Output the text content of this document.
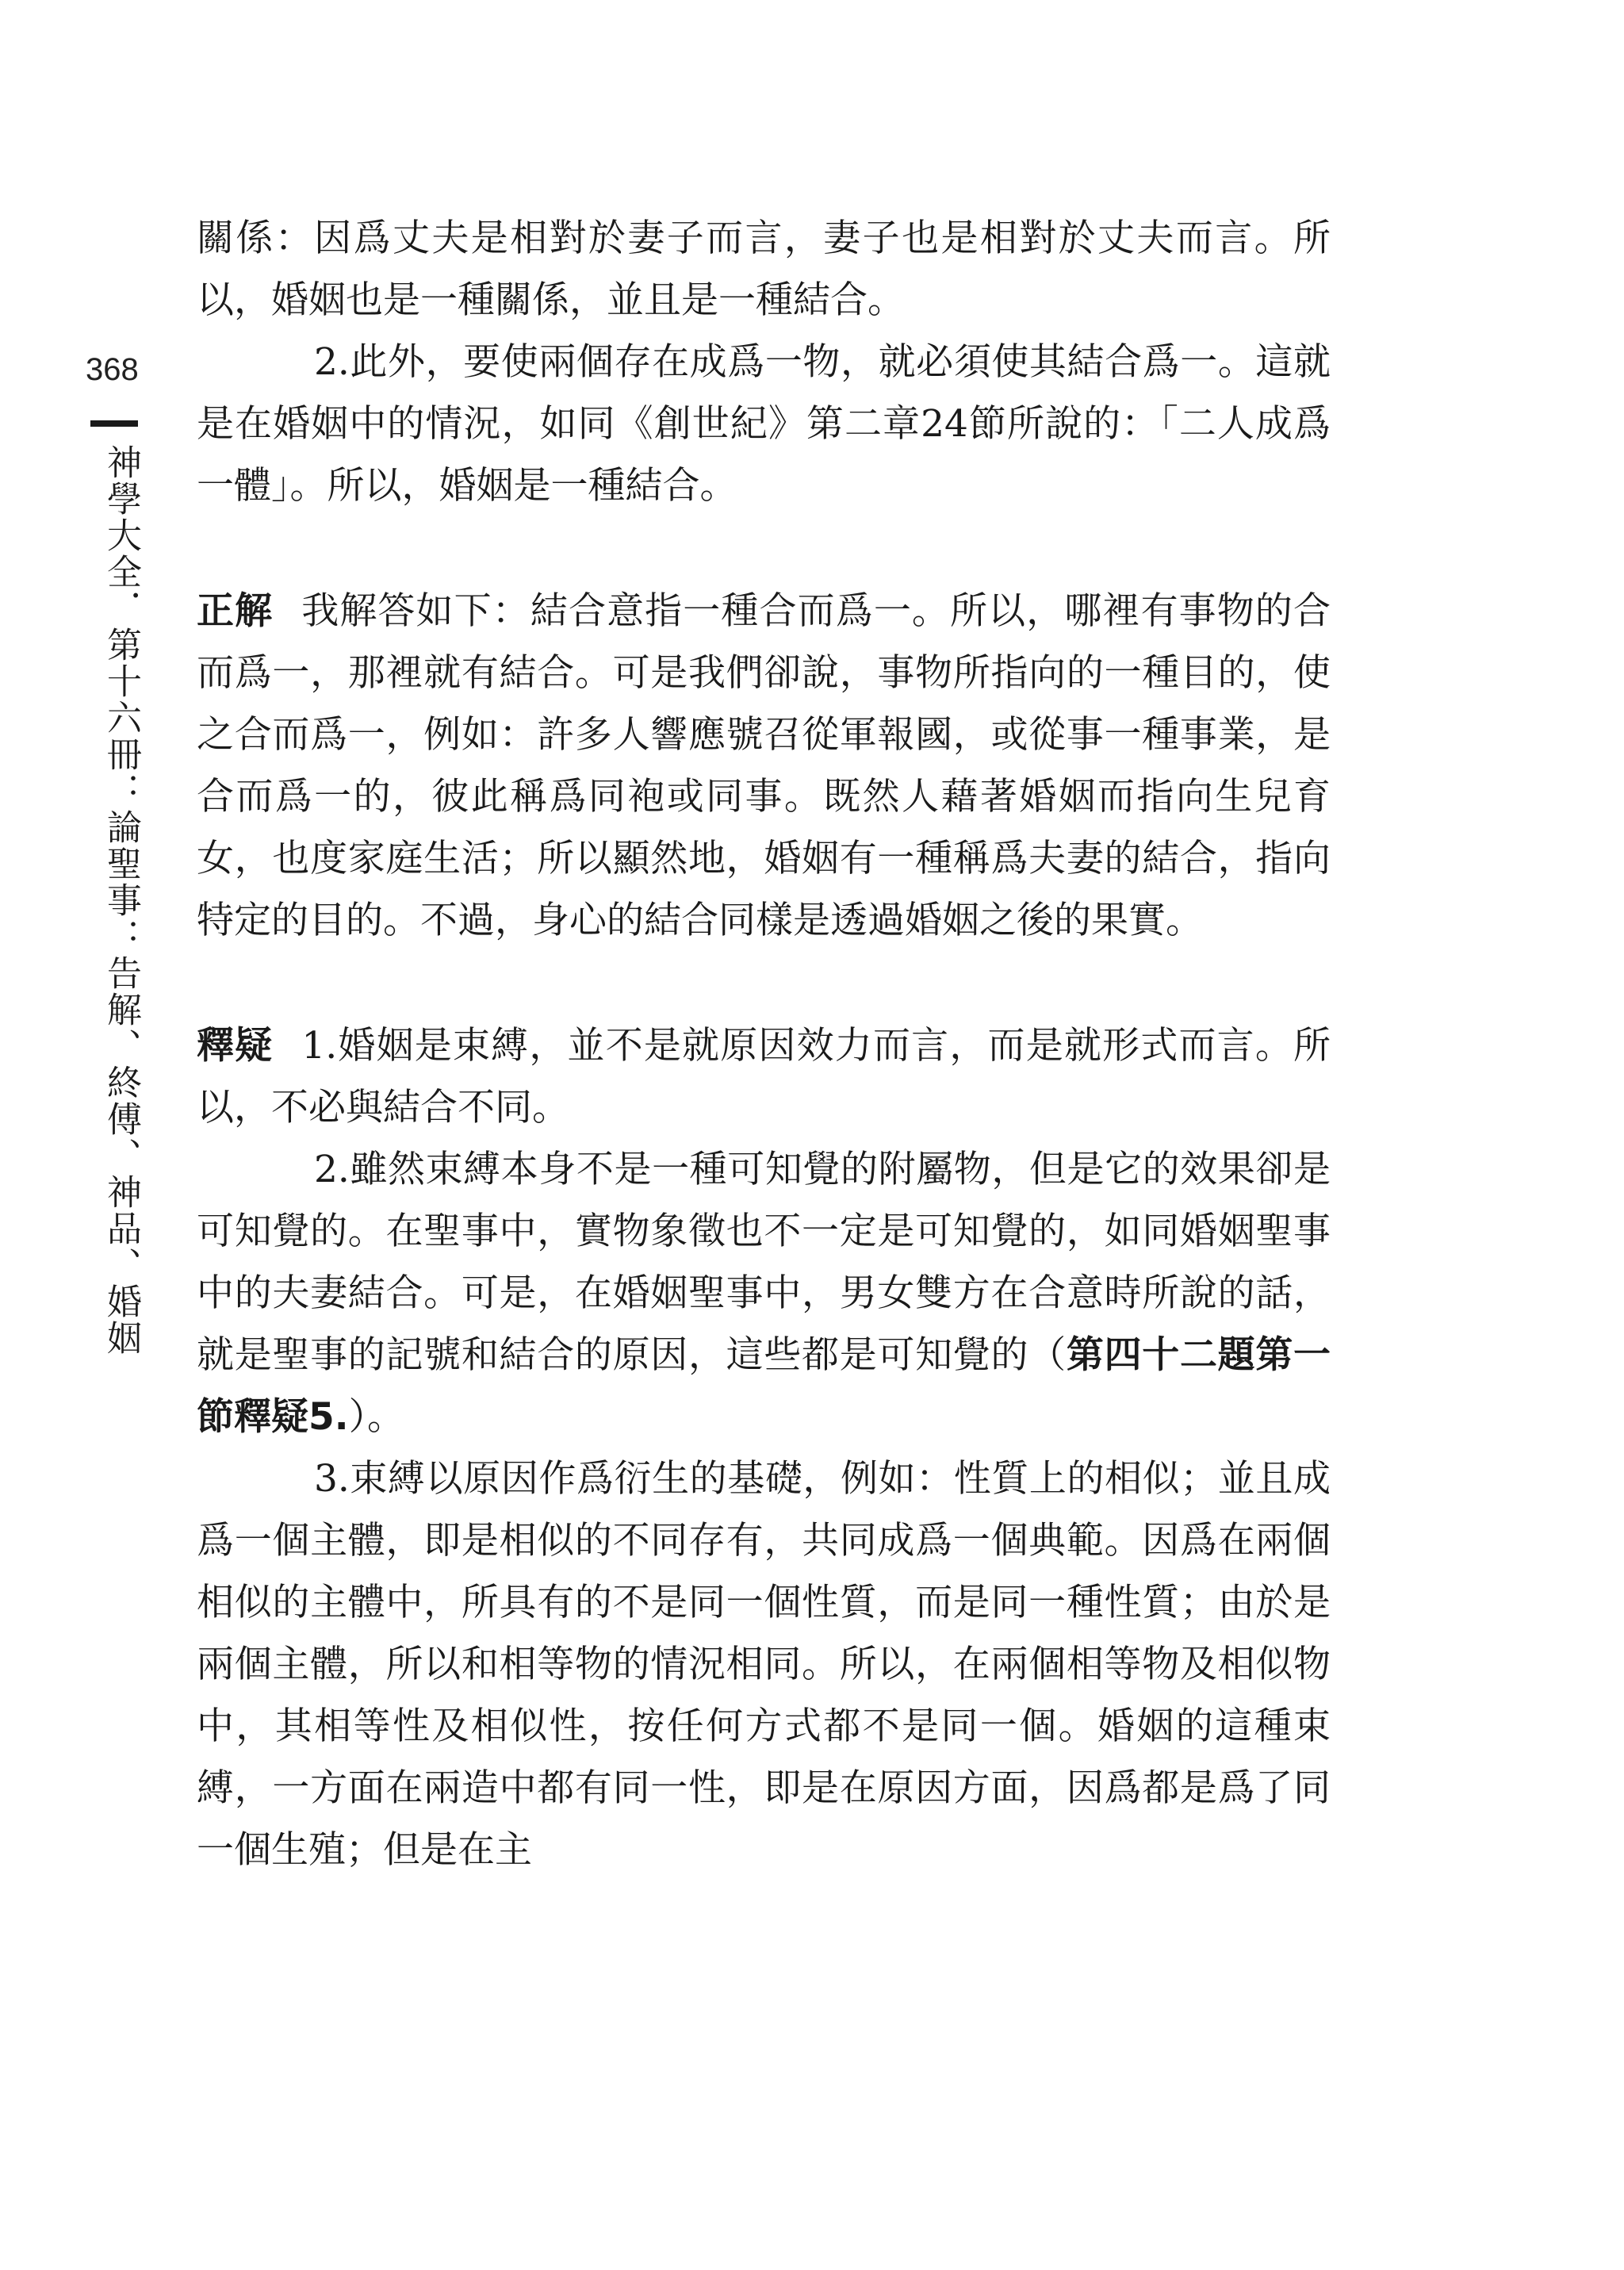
368
神學大全．第十六冊：論聖事：告解、終傅、神品、婚姻

關係：因爲丈夫是相對於妻子而言，妻子也是相對於丈夫而言。所以，婚姻也是一種關係，並且是一種結合。

2.此外，要使兩個存在成爲一物，就必須使其結合爲一。這就是在婚姻中的情況，如同《創世紀》第二章24節所說的：「二人成爲一體」。所以，婚姻是一種結合。

正解 我解答如下：結合意指一種合而爲一。所以，哪裡有事物的合而爲一，那裡就有結合。可是我們卻說，事物所指向的一種目的，使之合而爲一，例如：許多人響應號召從軍報國，或從事一種事業，是合而爲一的，彼此稱爲同袍或同事。既然人藉著婚姻而指向生兒育女，也度家庭生活；所以顯然地，婚姻有一種稱爲夫妻的結合，指向特定的目的。不過，身心的結合同樣是透過婚姻之後的果實。

釋疑 1.婚姻是束縛，並不是就原因效力而言，而是就形式而言。所以，不必與結合不同。

2.雖然束縛本身不是一種可知覺的附屬物，但是它的效果卻是可知覺的。在聖事中，實物象徵也不一定是可知覺的，如同婚姻聖事中的夫妻結合。可是，在婚姻聖事中，男女雙方在合意時所說的話，就是聖事的記號和結合的原因，這些都是可知覺的（第四十二題第一節釋疑5.）。

3.束縛以原因作爲衍生的基礎，例如：性質上的相似；並且成爲一個主體，即是相似的不同存有，共同成爲一個典範。因爲在兩個相似的主體中，所具有的不是同一個性質，而是同一種性質；由於是兩個主體，所以和相等物的情況相同。所以，在兩個相等物及相似物中，其相等性及相似性，按任何方式都不是同一個。婚姻的這種束縛，一方面在兩造中都有同一性，即是在原因方面，因爲都是爲了同一個生殖；但是在主
